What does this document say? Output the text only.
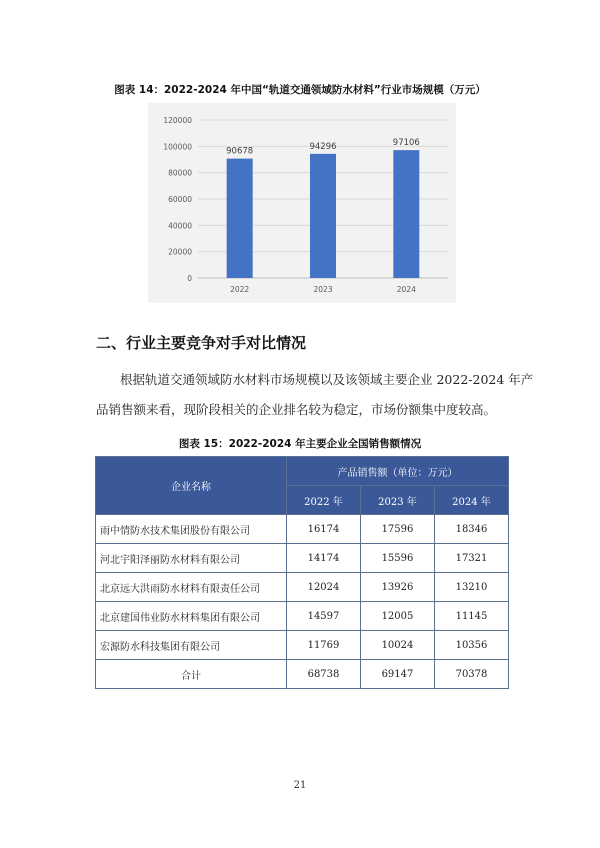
图表 14：2022-2024 年中国“轨道交通领域防水材料”行业市场规模（万元）
0
20000
40000
60000
80000
100000
120000
90678
2022
94296
2023
97106
2024
二、行业主要竞争对手对比情况
根据轨道交通领域防水材料市场规模以及该领域主要企业 2022-2024 年产
品销售额来看，现阶段相关的企业排名较为稳定，市场份额集中度较高。
图表 15：2022-2024 年主要企业全国销售额情况
企业名称	产品销售额（单位：万元）		
	2022 年	2023 年	2024 年
雨中情防水技术集团股份有限公司	16174	17596	18346
河北宇阳泽丽防水材料有限公司	14174	15596	17321
北京远大洪雨防水材料有限责任公司	12024	13926	13210
北京建国伟业防水材料集团有限公司	14597	12005	11145
宏源防水科技集团有限公司	11769	10024	10356
合计	68738	69147	70378
21
